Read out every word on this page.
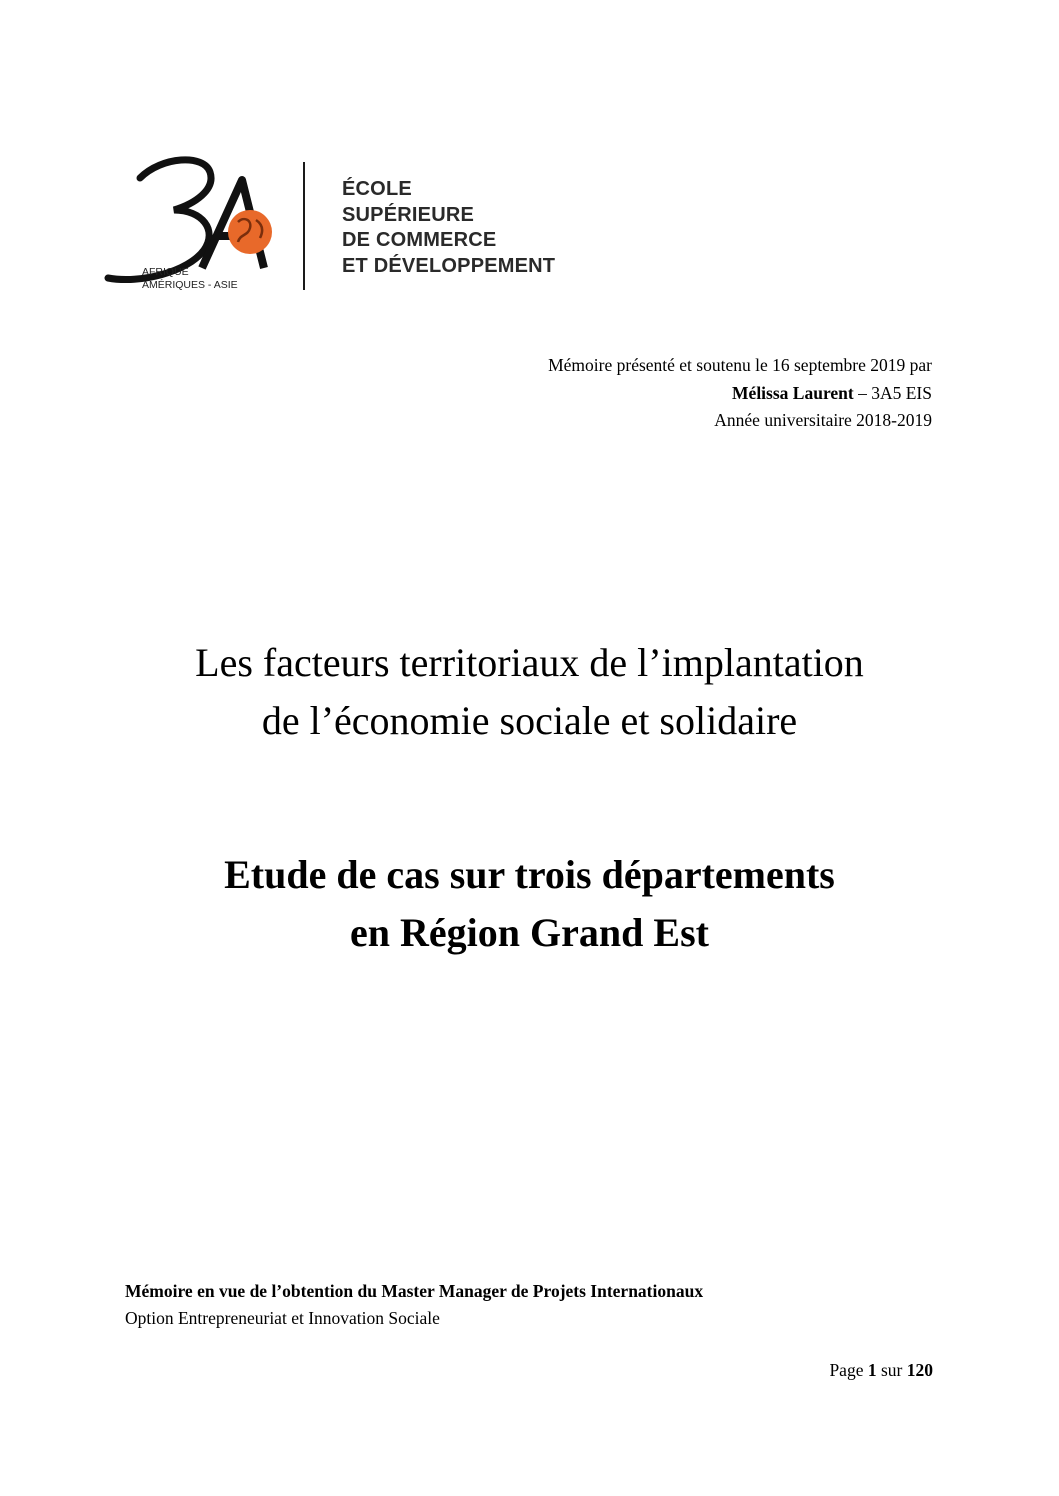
AFRIQUE
AMÉRIQUES - ASIE
ÉCOLE
SUPÉRIEURE
DE COMMERCE
ET DÉVELOPPEMENT
Mémoire présenté et soutenu le 16 septembre 2019 par
Mélissa Laurent – 3A5 EIS
Année universitaire 2018-2019
Les facteurs territoriaux de l’implantation
de l’économie sociale et solidaire
Etude de cas sur trois départements
en Région Grand Est
Mémoire en vue de l’obtention du Master Manager de Projets Internationaux
Option Entrepreneuriat et Innovation Sociale
Page 1 sur 120
